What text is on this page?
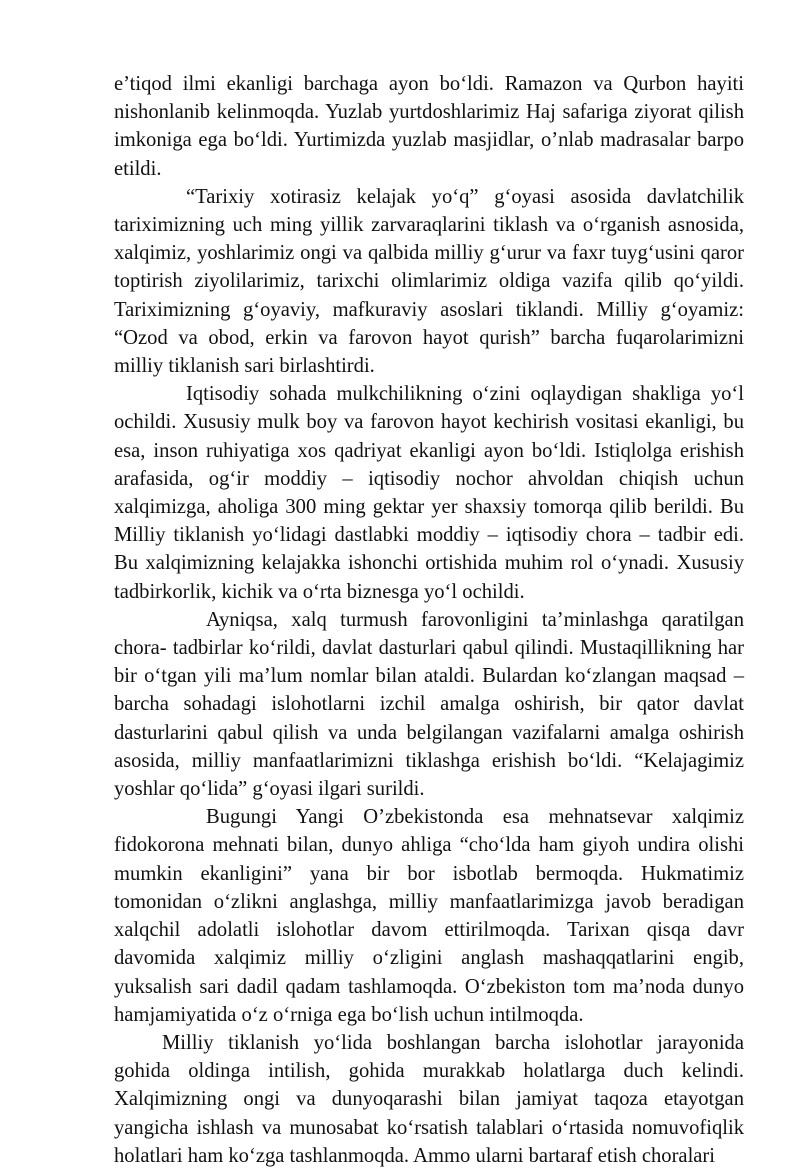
e’tiqod ilmi ekanligi barchaga ayon bo‘ldi. Ramazon va Qurbon hayiti nishonlanib kelinmoqda. Yuzlab yurtdoshlarimiz Haj safariga ziyorat qilish imkoniga ega bo‘ldi. Yurtimizda yuzlab masjidlar, o’nlab madrasalar barpo etildi.

“Tarixiy xotirasiz kelajak yo‘q” g‘oyasi asosida davlatchilik tariximizning uch ming yillik zarvaraqlarini tiklash va o‘rganish asnosida, xalqimiz, yoshlarimiz ongi va qalbida milliy g‘urur va faxr tuyg‘usini qaror toptirish ziyolilarimiz, tarixchi olimlarimiz oldiga vazifa qilib qo‘yildi. Tariximizning g‘oyaviy, mafkuraviy asoslari tiklandi. Milliy g‘oyamiz: “Ozod va obod, erkin va farovon hayot qurish” barcha fuqarolarimizni milliy tiklanish sari birlashtirdi.

Iqtisodiy sohada mulkchilikning o‘zini oqlaydigan shakliga yo‘l ochildi. Xususiy mulk boy va farovon hayot kechirish vositasi ekanligi, bu esa, inson ruhiyatiga xos qadriyat ekanligi ayon bo‘ldi. Istiqlolga erishish arafasida, og‘ir moddiy – iqtisodiy nochor ahvoldan chiqish uchun xalqimizga, aholiga 300 ming gektar yer shaxsiy tomorqa qilib berildi. Bu Milliy tiklanish yo‘lidagi dastlabki moddiy – iqtisodiy chora – tadbir edi. Bu xalqimizning kelajakka ishonchi ortishida muhim rol o‘ynadi. Xususiy tadbirkorlik, kichik va o‘rta biznesga yo‘l ochildi.

Ayniqsa, xalq turmush farovonligini ta’minlashga qaratilgan chora- tadbirlar ko‘rildi, davlat dasturlari qabul qilindi. Mustaqillikning har bir o‘tgan yili ma’lum nomlar bilan ataldi. Bulardan ko‘zlangan maqsad – barcha sohadagi islohotlarni izchil amalga oshirish, bir qator davlat dasturlarini qabul qilish va unda belgilangan vazifalarni amalga oshirish asosida, milliy manfaatlarimizni tiklashga erishish bo‘ldi. “Kelajagimiz yoshlar qo‘lida” g‘oyasi ilgari surildi.

Bugungi Yangi O’zbekistonda esa mehnatsevar xalqimiz fidokorona mehnati bilan, dunyo ahliga “cho‘lda ham giyoh undira olishi mumkin ekanligini” yana bir bor isbotlab bermoqda. Hukmatimiz tomonidan o‘zlikni anglashga, milliy manfaatlarimizga javob beradigan xalqchil adolatli islohotlar davom ettirilmoqda. Tarixan qisqa davr davomida xalqimiz milliy o‘zligini anglash mashaqqatlarini engib, yuksalish sari dadil qadam tashlamoqda. O‘zbekiston tom ma’noda dunyo hamjamiyatida o‘z o‘rniga ega bo‘lish uchun intilmoqda.

Milliy tiklanish yo‘lida boshlangan barcha islohotlar jarayonida gohida oldinga intilish, gohida murakkab holatlarga duch kelindi. Xalqimizning ongi va dunyoqarashi bilan jamiyat taqoza etayotgan yangicha ishlash va munosabat ko‘rsatish talablari o‘rtasida nomuvofiqlik holatlari ham ko‘zga tashlanmoqda. Ammo ularni bartaraf etish choralari
